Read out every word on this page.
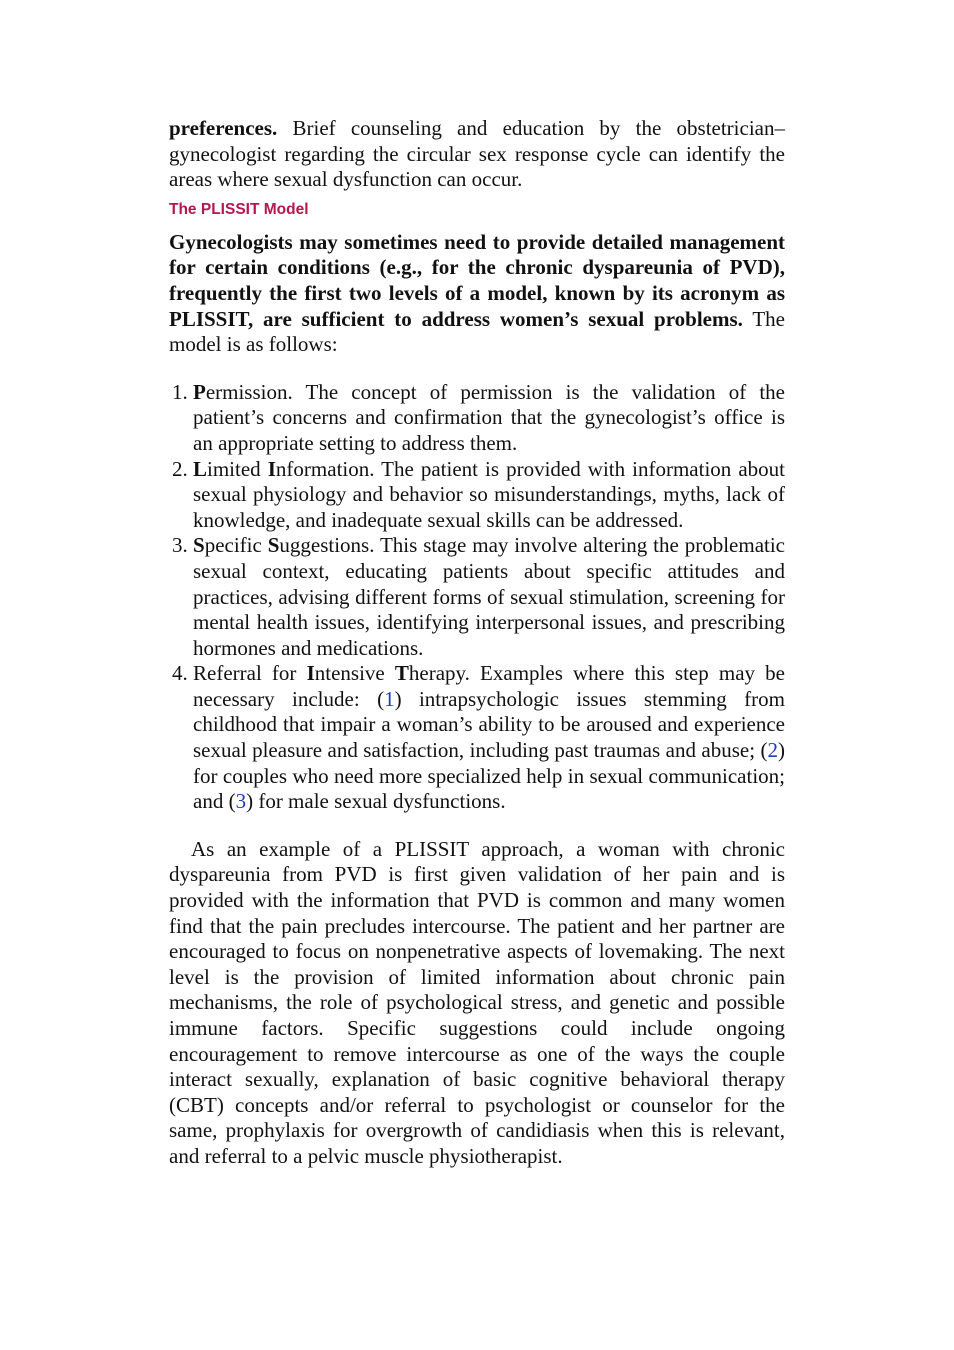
preferences. Brief counseling and education by the obstetrician–gynecologist regarding the circular sex response cycle can identify the areas where sexual dysfunction can occur.

The PLISSIT Model

Gynecologists may sometimes need to provide detailed management for certain conditions (e.g., for the chronic dyspareunia of PVD), frequently the first two levels of a model, known by its acronym as PLISSIT, are sufficient to address women’s sexual problems. The model is as follows:

1. Permission. The concept of permission is the validation of the patient’s concerns and confirmation that the gynecologist’s office is an appropriate setting to address them.
2. Limited Information. The patient is provided with information about sexual physiology and behavior so misunderstandings, myths, lack of knowledge, and inadequate sexual skills can be addressed.
3. Specific Suggestions. This stage may involve altering the problematic sexual context, educating patients about specific attitudes and practices, advising different forms of sexual stimulation, screening for mental health issues, identifying interpersonal issues, and prescribing hormones and medications.
4. Referral for Intensive Therapy. Examples where this step may be necessary include: (1) intrapsychologic issues stemming from childhood that impair a woman’s ability to be aroused and experience sexual pleasure and satisfaction, including past traumas and abuse; (2) for couples who need more specialized help in sexual communication; and (3) for male sexual dysfunctions.

As an example of a PLISSIT approach, a woman with chronic dyspareunia from PVD is first given validation of her pain and is provided with the information that PVD is common and many women find that the pain precludes intercourse. The patient and her partner are encouraged to focus on nonpenetrative aspects of lovemaking. The next level is the provision of limited information about chronic pain mechanisms, the role of psychological stress, and genetic and possible immune factors. Specific suggestions could include ongoing encouragement to remove intercourse as one of the ways the couple interact sexually, explanation of basic cognitive behavioral therapy (CBT) concepts and/or referral to psychologist or counselor for the same, prophylaxis for overgrowth of candidiasis when this is relevant, and referral to a pelvic muscle physiotherapist.
